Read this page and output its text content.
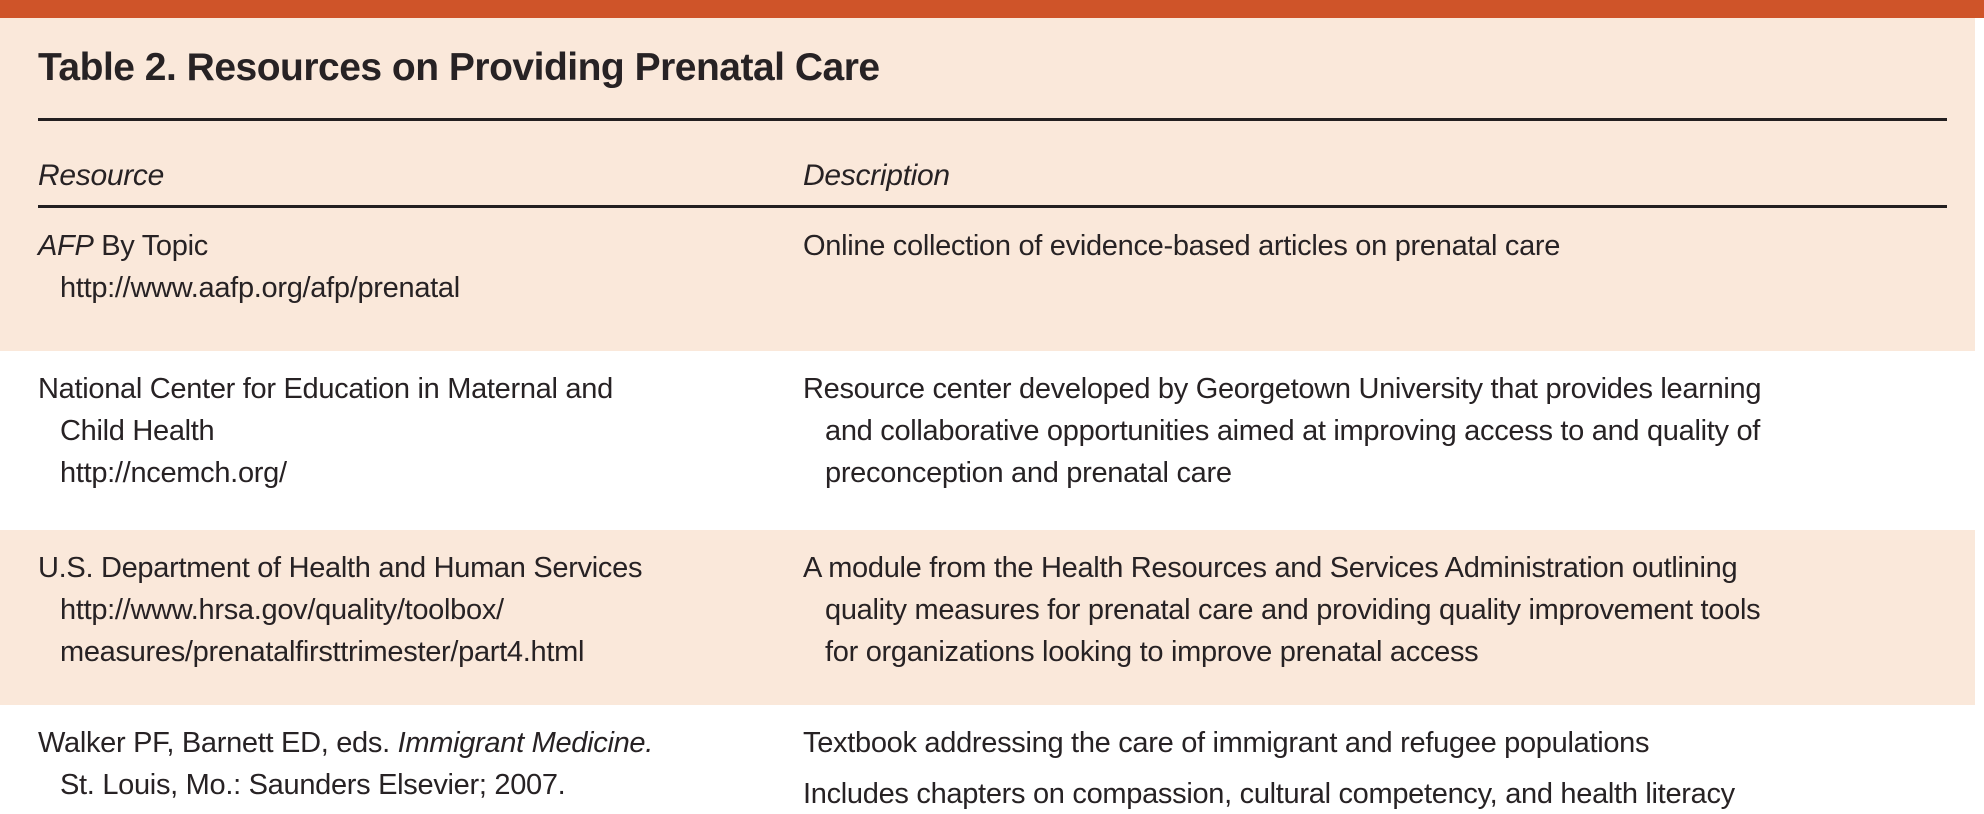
Table 2. Resources on Providing Prenatal Care
Resource	Description
AFP By Topic
http://www.aafp.org/afp/prenatal
Online collection of evidence-based articles on prenatal care
National Center for Education in Maternal and
Child Health
http://ncemch.org/
Resource center developed by Georgetown University that provides learning
and collaborative opportunities aimed at improving access to and quality of
preconception and prenatal care
U.S. Department of Health and Human Services
http://www.hrsa.gov/quality/toolbox/
measures/prenatalfirsttrimester/part4.html
A module from the Health Resources and Services Administration outlining
quality measures for prenatal care and providing quality improvement tools
for organizations looking to improve prenatal access
Walker PF, Barnett ED, eds. Immigrant Medicine.
St. Louis, Mo.: Saunders Elsevier; 2007.
Textbook addressing the care of immigrant and refugee populations
Includes chapters on compassion, cultural competency, and health literacy
